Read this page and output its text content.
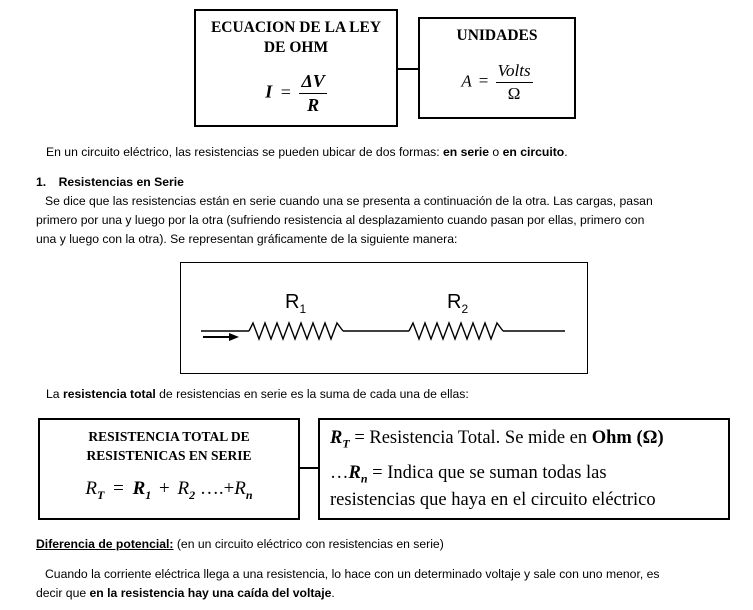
ECUACION DE LA LEY
DE OHM
$I = \frac{\Delta V}{R}$
UNIDADES
$A = \frac{\text{Volts}}{\Omega}$
En un circuito eléctrico, las resistencias se pueden ubicar de dos formas: en serie o en circuito.
1. Resistencias en Serie
Se dice que las resistencias están en serie cuando una se presenta a continuación de la otra. Las cargas, pasan
primero por una y luego por la otra (sufriendo resistencia al desplazamiento cuando pasan por ellas, primero con
una y luego con la otra). Se representan gráficamente de la siguiente manera:
$R_1$	$R_2$
La resistencia total de resistencias en serie es la suma de cada una de ellas:
RESISTENCIA TOTAL DE
RESISTENICAS EN SERIE
$R_T = R_1 + R_2$ $\dots.+R_n$
$R_T$ = Resistencia Total. Se mide en Ohm (Ω)
$\dots R_n$ = Indica que se suman todas las
resistencias que haya en el circuito eléctrico
Diferencia de potencial: (en un circuito eléctrico con resistencias en serie)
Cuando la corriente eléctrica llega a una resistencia, lo hace con un determinado voltaje y sale con uno menor, es
decir que en la resistencia hay una caída del voltaje.
